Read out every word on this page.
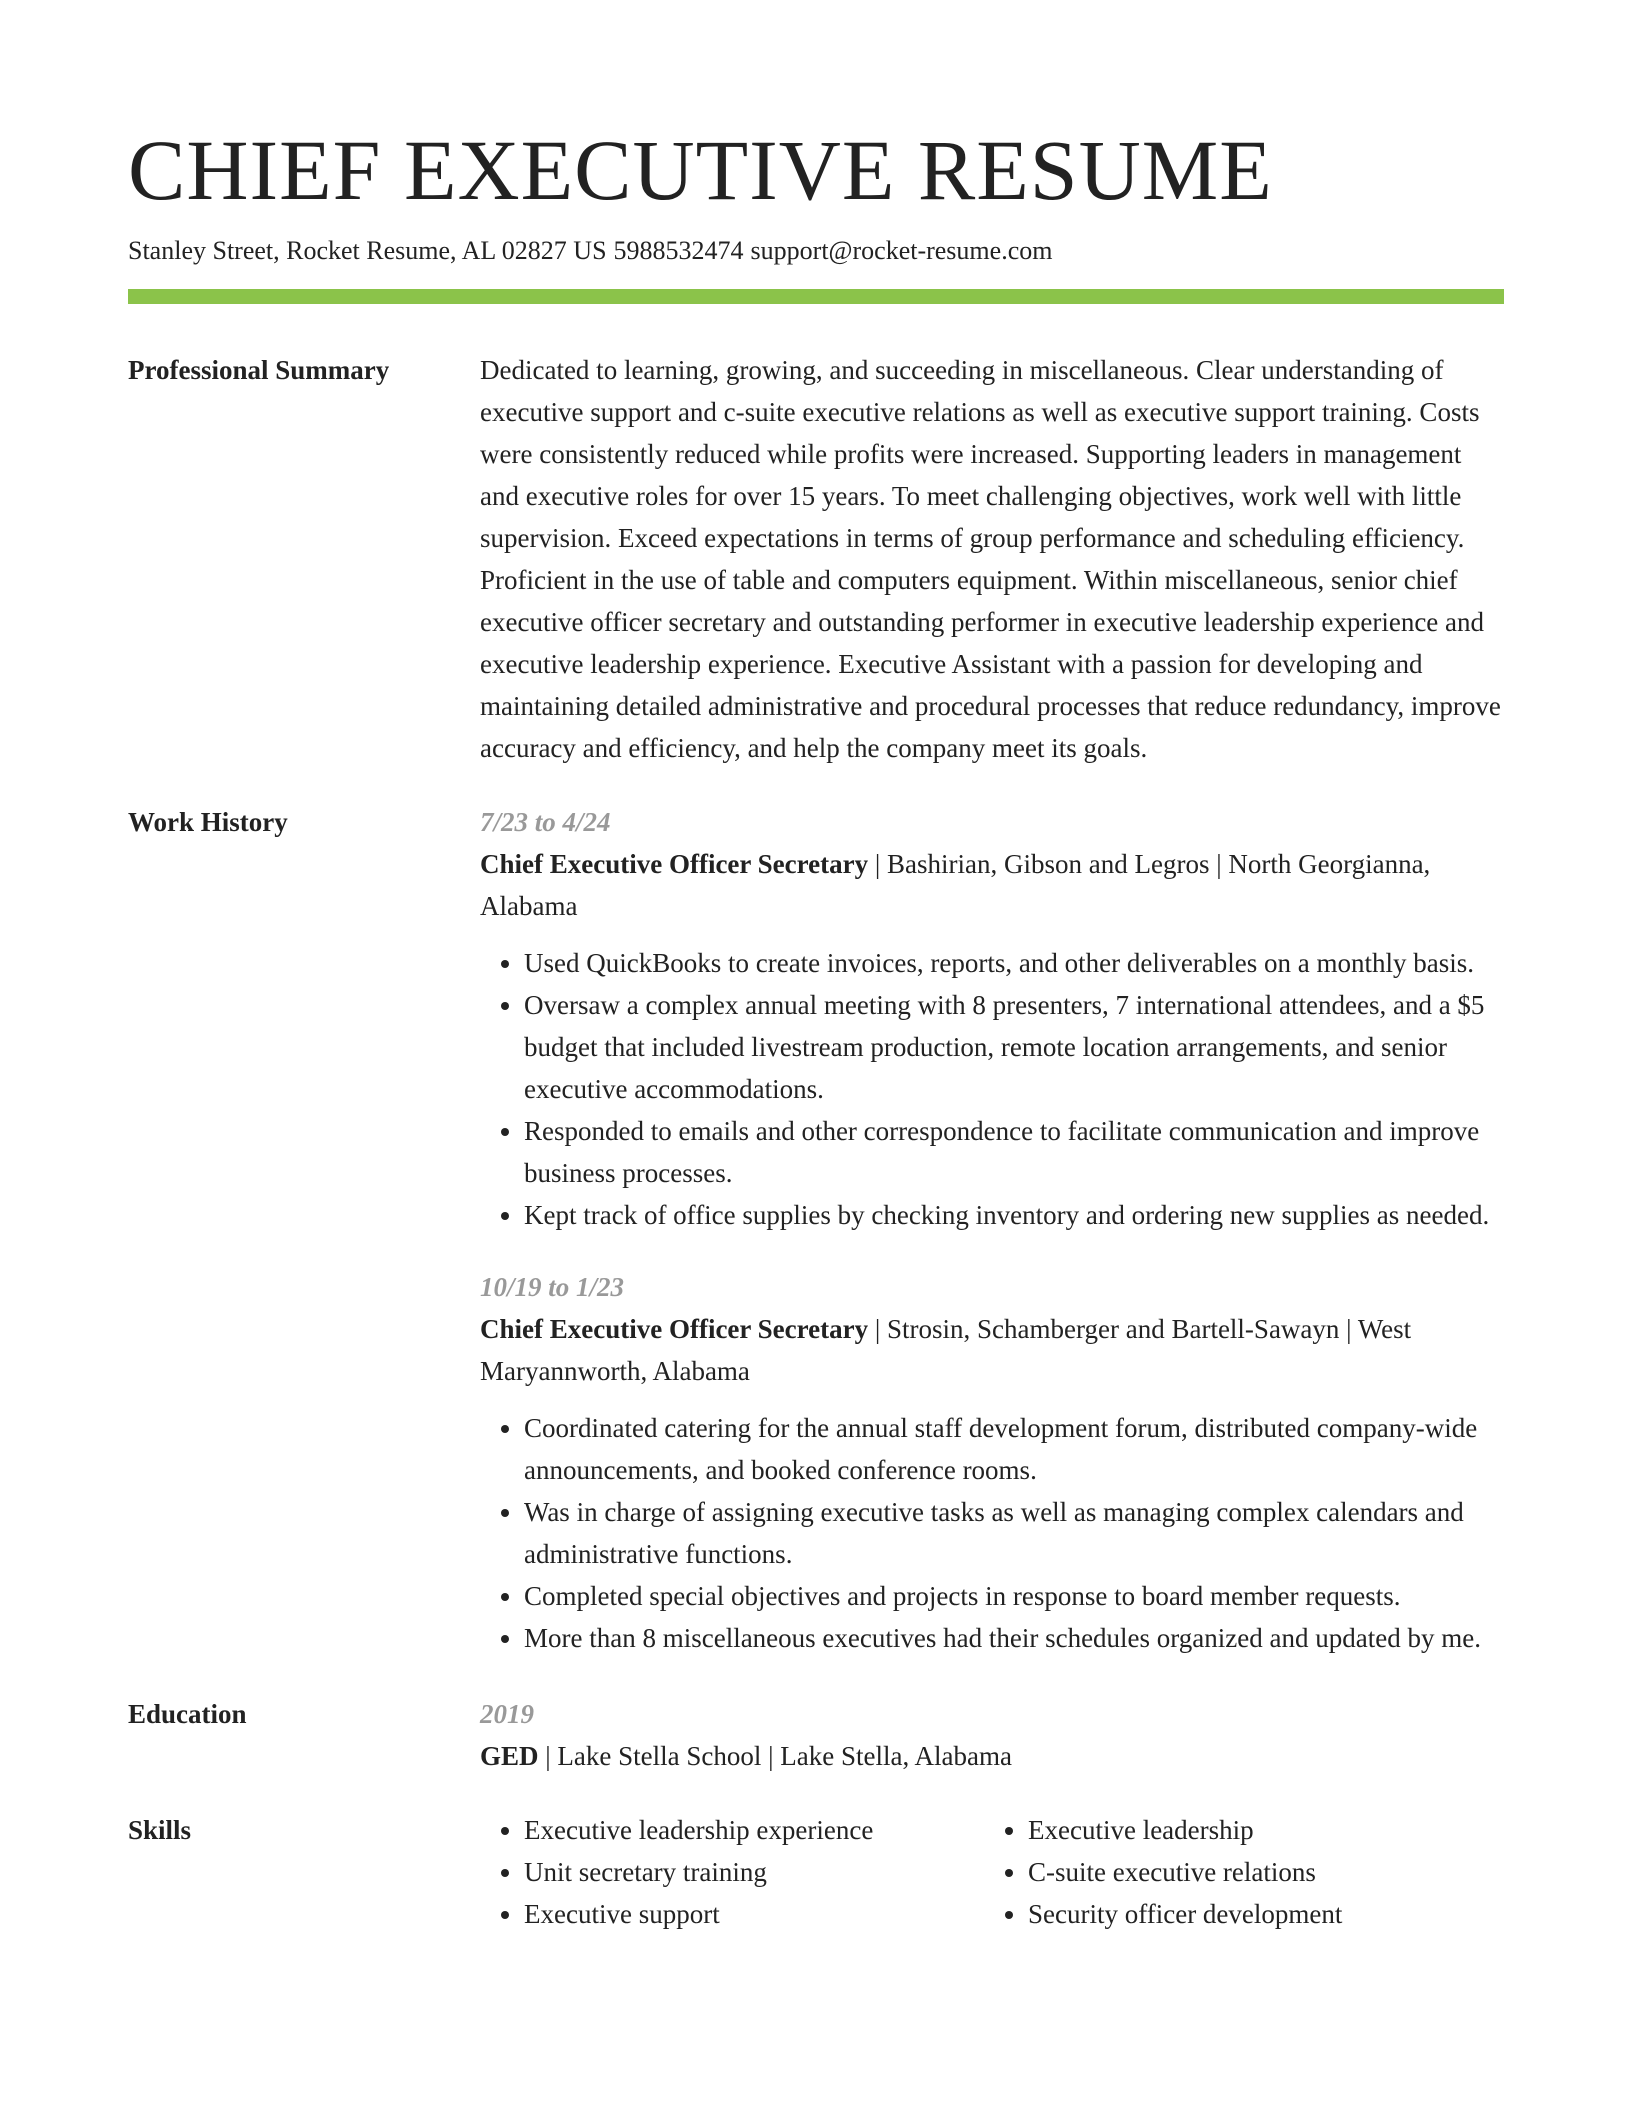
CHIEF EXECUTIVE RESUME
Stanley Street, Rocket Resume, AL 02827 US 5988532474 support@rocket-resume.com
Professional Summary	Dedicated to learning, growing, and succeeding in miscellaneous. Clear understanding of executive support and c-suite executive relations as well as executive support training. Costs were consistently reduced while profits were increased. Supporting leaders in management and executive roles for over 15 years. To meet challenging objectives, work well with little supervision. Exceed expectations in terms of group performance and scheduling efficiency. Proficient in the use of table and computers equipment. Within miscellaneous, senior chief executive officer secretary and outstanding performer in executive leadership experience and executive leadership experience. Executive Assistant with a passion for developing and maintaining detailed administrative and procedural processes that reduce redundancy, improve accuracy and efficiency, and help the company meet its goals.
Work History	7/23 to 4/24
Chief Executive Officer Secretary | Bashirian, Gibson and Legros | North Georgianna, Alabama
• Used QuickBooks to create invoices, reports, and other deliverables on a monthly basis.
• Oversaw a complex annual meeting with 8 presenters, 7 international attendees, and a $5 budget that included livestream production, remote location arrangements, and senior executive accommodations.
• Responded to emails and other correspondence to facilitate communication and improve business processes.
• Kept track of office supplies by checking inventory and ordering new supplies as needed.
10/19 to 1/23
Chief Executive Officer Secretary | Strosin, Schamberger and Bartell-Sawayn | West Maryannworth, Alabama
• Coordinated catering for the annual staff development forum, distributed company-wide announcements, and booked conference rooms.
• Was in charge of assigning executive tasks as well as managing complex calendars and administrative functions.
• Completed special objectives and projects in response to board member requests.
• More than 8 miscellaneous executives had their schedules organized and updated by me.
Education	2019
GED | Lake Stella School | Lake Stella, Alabama
Skills
•	Executive leadership experience
• Unit secretary training
• Executive support
• Executive leadership
• C-suite executive relations
• Security officer development
